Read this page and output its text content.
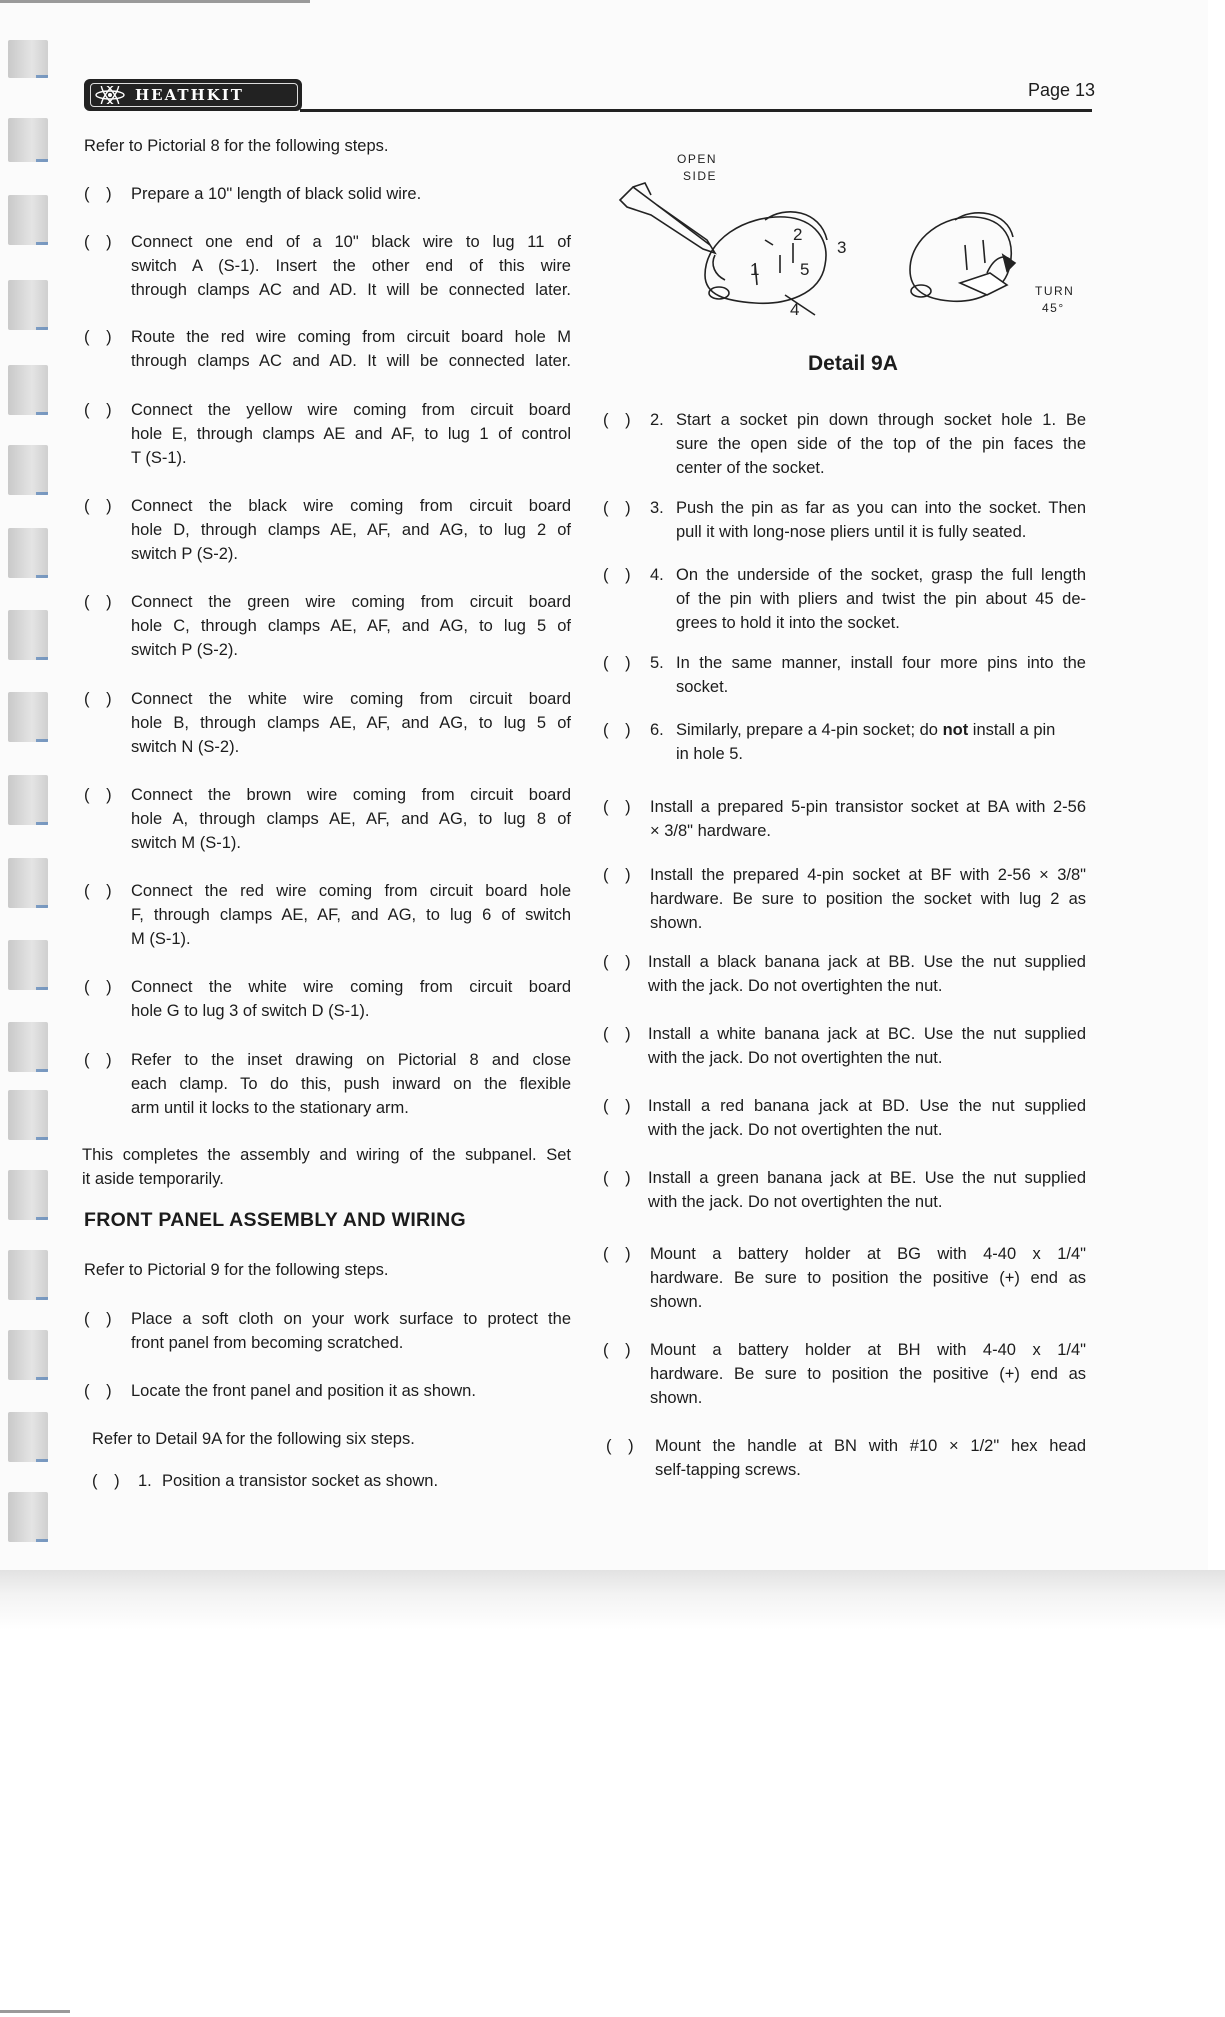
HEATHKIT	Page 13
Refer to Pictorial 8 for the following steps.
( ) Prepare a 10" length of black solid wire.
( ) Connect one end of a 10" black wire to lug 11 of
switch A (S-1). Insert the other end of this wire
through clamps AC and AD. It will be connected later.
( ) Route the red wire coming from circuit board hole M
through clamps AC and AD. It will be connected later.
( ) Connect the yellow wire coming from circuit board
hole E, through clamps AE and AF, to lug 1 of control
T (S-1).
( ) Connect the black wire coming from circuit board
hole D, through clamps AE, AF, and AG, to lug 2 of
switch P (S-2).
( ) Connect the green wire coming from circuit board
hole C, through clamps AE, AF, and AG, to lug 5 of
switch P (S-2).
( ) Connect the white wire coming from circuit board
hole B, through clamps AE, AF, and AG, to lug 5 of
switch N (S-2).
( ) Connect the brown wire coming from circuit board
hole A, through clamps AE, AF, and AG, to lug 8 of
switch M (S-1).
( ) Connect the red wire coming from circuit board hole
F, through clamps AE, AF, and AG, to lug 6 of switch
M (S-1).
( ) Connect the white wire coming from circuit board
hole G to lug 3 of switch D (S-1).
( ) Refer to the inset drawing on Pictorial 8 and close
each clamp. To do this, push inward on the flexible
arm until it locks to the stationary arm.
This completes the assembly and wiring of the subpanel. Set
it aside temporarily.
FRONT PANEL ASSEMBLY AND WIRING
Refer to Pictorial 9 for the following steps.
( ) Place a soft cloth on your work surface to protect the
front panel from becoming scratched.
( ) Locate the front panel and position it as shown.
Refer to Detail 9A for the following six steps.
( ) 1. Position a transistor socket as shown.
OPEN
SIDE
1
2
3
4
5
TURN
45°
Detail 9A
( ) 2. Start a socket pin down through socket hole 1. Be
sure the open side of the top of the pin faces the
center of the socket.
( ) 3. Push the pin as far as you can into the socket. Then
pull it with long-nose pliers until it is fully seated.
( ) 4. On the underside of the socket, grasp the full length
of the pin with pliers and twist the pin about 45 de-
grees to hold it into the socket.
( ) 5. In the same manner, install four more pins into the
socket.
( ) 6. Similarly, prepare a 4-pin socket; do not install a pin
in hole 5.
( ) Install a prepared 5-pin transistor socket at BA with 2-56
× 3/8" hardware.
( ) Install the prepared 4-pin socket at BF with 2-56 × 3/8"
hardware. Be sure to position the socket with lug 2 as
shown.
( ) Install a black banana jack at BB. Use the nut supplied
with the jack. Do not overtighten the nut.
( ) Install a white banana jack at BC. Use the nut supplied
with the jack. Do not overtighten the nut.
( ) Install a red banana jack at BD. Use the nut supplied
with the jack. Do not overtighten the nut.
( ) Install a green banana jack at BE. Use the nut supplied
with the jack. Do not overtighten the nut.
( ) Mount a battery holder at BG with 4-40 x 1/4"
hardware. Be sure to position the positive (+) end as
shown.
( ) Mount a battery holder at BH with 4-40 x 1/4"
hardware. Be sure to position the positive (+) end as
shown.
( ) Mount the handle at BN with #10 × 1/2" hex head
self-tapping screws.
